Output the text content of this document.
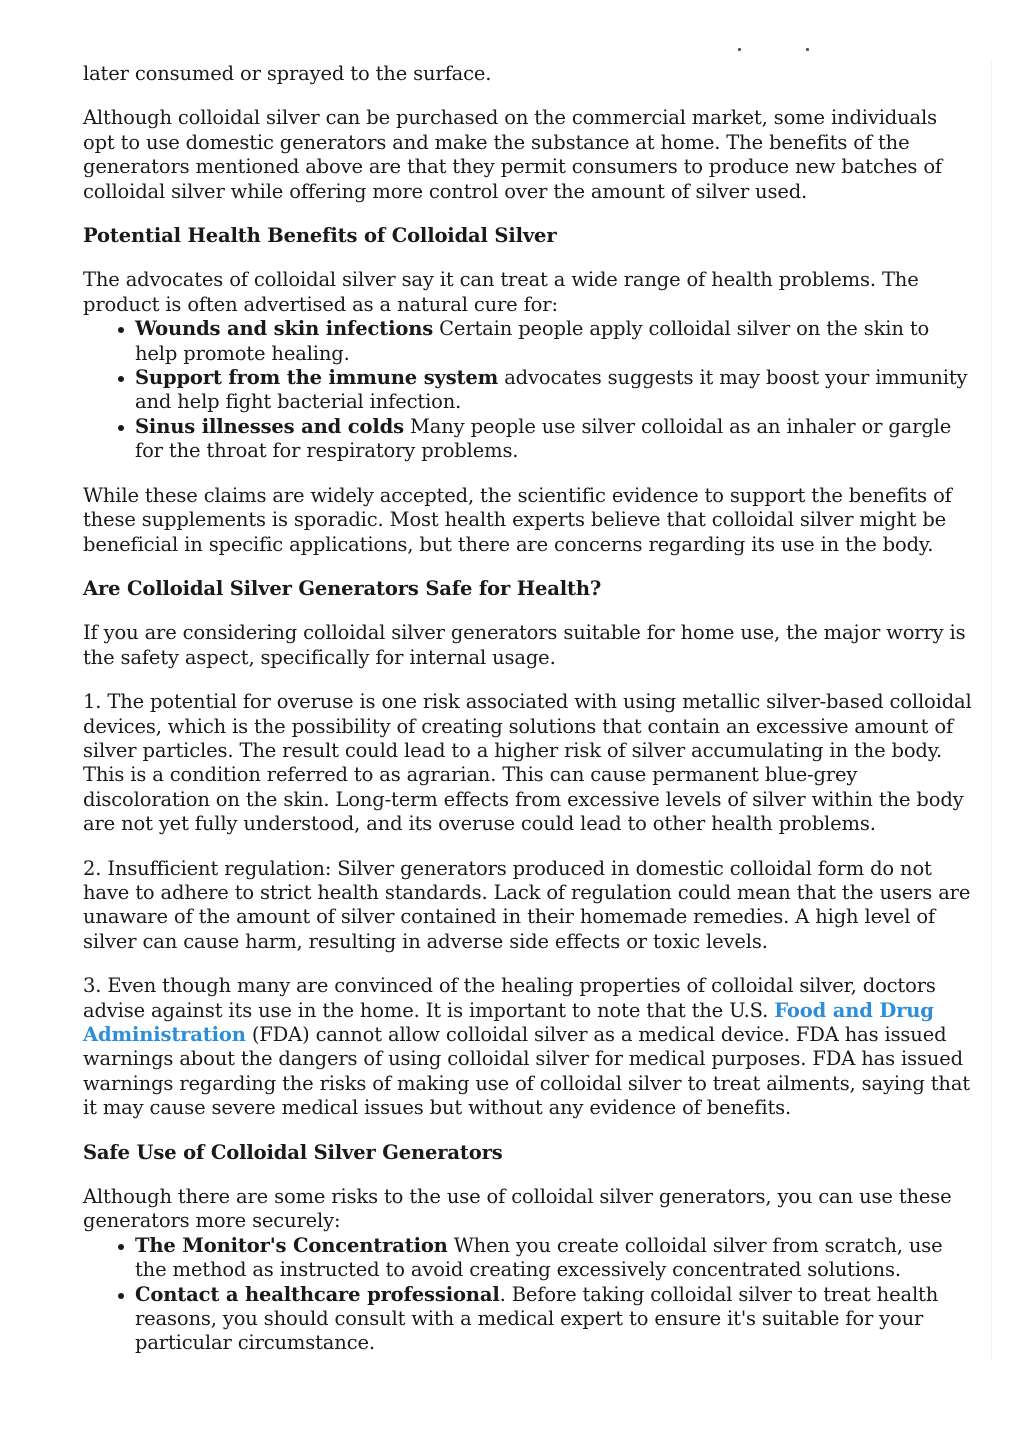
later consumed or sprayed to the surface.

Although colloidal silver can be purchased on the commercial market, some individuals opt to use domestic generators and make the substance at home. The benefits of the generators mentioned above are that they permit consumers to produce new batches of colloidal silver while offering more control over the amount of silver used.

Potential Health Benefits of Colloidal Silver

The advocates of colloidal silver say it can treat a wide range of health problems. The product is often advertised as a natural cure for:

Wounds and skin infections Certain people apply colloidal silver on the skin to help promote healing.
Support from the immune system advocates suggests it may boost your immunity and help fight bacterial infection.
Sinus illnesses and colds Many people use silver colloidal as an inhaler or gargle for the throat for respiratory problems.

While these claims are widely accepted, the scientific evidence to support the benefits of these supplements is sporadic. Most health experts believe that colloidal silver might be beneficial in specific applications, but there are concerns regarding its use in the body.

Are Colloidal Silver Generators Safe for Health?

If you are considering colloidal silver generators suitable for home use, the major worry is the safety aspect, specifically for internal usage.

1. The potential for overuse is one risk associated with using metallic silver-based colloidal devices, which is the possibility of creating solutions that contain an excessive amount of silver particles. The result could lead to a higher risk of silver accumulating in the body. This is a condition referred to as agrarian. This can cause permanent blue-grey discoloration on the skin. Long-term effects from excessive levels of silver within the body are not yet fully understood, and its overuse could lead to other health problems.

2. Insufficient regulation: Silver generators produced in domestic colloidal form do not have to adhere to strict health standards. Lack of regulation could mean that the users are unaware of the amount of silver contained in their homemade remedies. A high level of silver can cause harm, resulting in adverse side effects or toxic levels.

3. Even though many are convinced of the healing properties of colloidal silver, doctors advise against its use in the home. It is important to note that the U.S. Food and Drug Administration (FDA) cannot allow colloidal silver as a medical device. FDA has issued warnings about the dangers of using colloidal silver for medical purposes. FDA has issued warnings regarding the risks of making use of colloidal silver to treat ailments, saying that it may cause severe medical issues but without any evidence of benefits.

Safe Use of Colloidal Silver Generators

Although there are some risks to the use of colloidal silver generators, you can use these generators more securely:

The Monitor's Concentration When you create colloidal silver from scratch, use the method as instructed to avoid creating excessively concentrated solutions.
Contact a healthcare professional. Before taking colloidal silver to treat health reasons, you should consult with a medical expert to ensure it's suitable for your particular circumstance.
